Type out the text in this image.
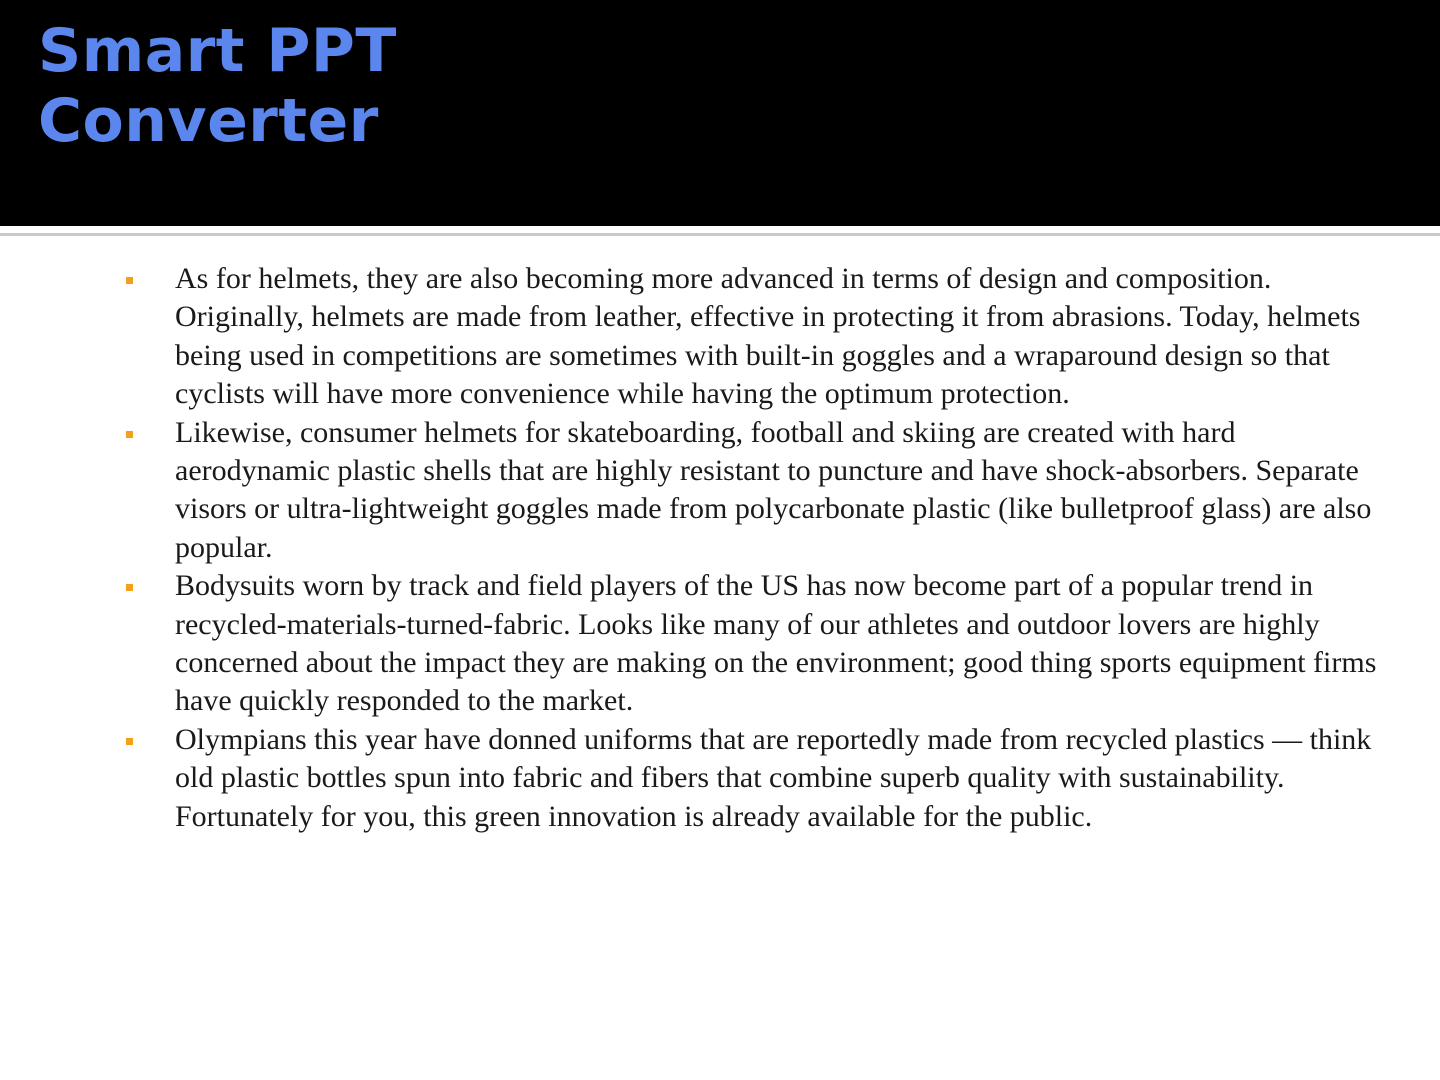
Smart PPT
Converter
As for helmets, they are also becoming more advanced in terms of design and composition. Originally, helmets are made from leather, effective in protecting it from abrasions. Today, helmets being used in competitions are sometimes with built-in goggles and a wraparound design so that cyclists will have more convenience while having the optimum protection.
Likewise, consumer helmets for skateboarding, football and skiing are created with hard aerodynamic plastic shells that are highly resistant to puncture and have shock-absorbers. Separate visors or ultra-lightweight goggles made from polycarbonate plastic (like bulletproof glass) are also popular.
Bodysuits worn by track and field players of the US has now become part of a popular trend in recycled-materials-turned-fabric. Looks like many of our athletes and outdoor lovers are highly concerned about the impact they are making on the environment; good thing sports equipment firms have quickly responded to the market.
Olympians this year have donned uniforms that are reportedly made from recycled plastics — think old plastic bottles spun into fabric and fibers that combine superb quality with sustainability. Fortunately for you, this green innovation is already available for the public.
